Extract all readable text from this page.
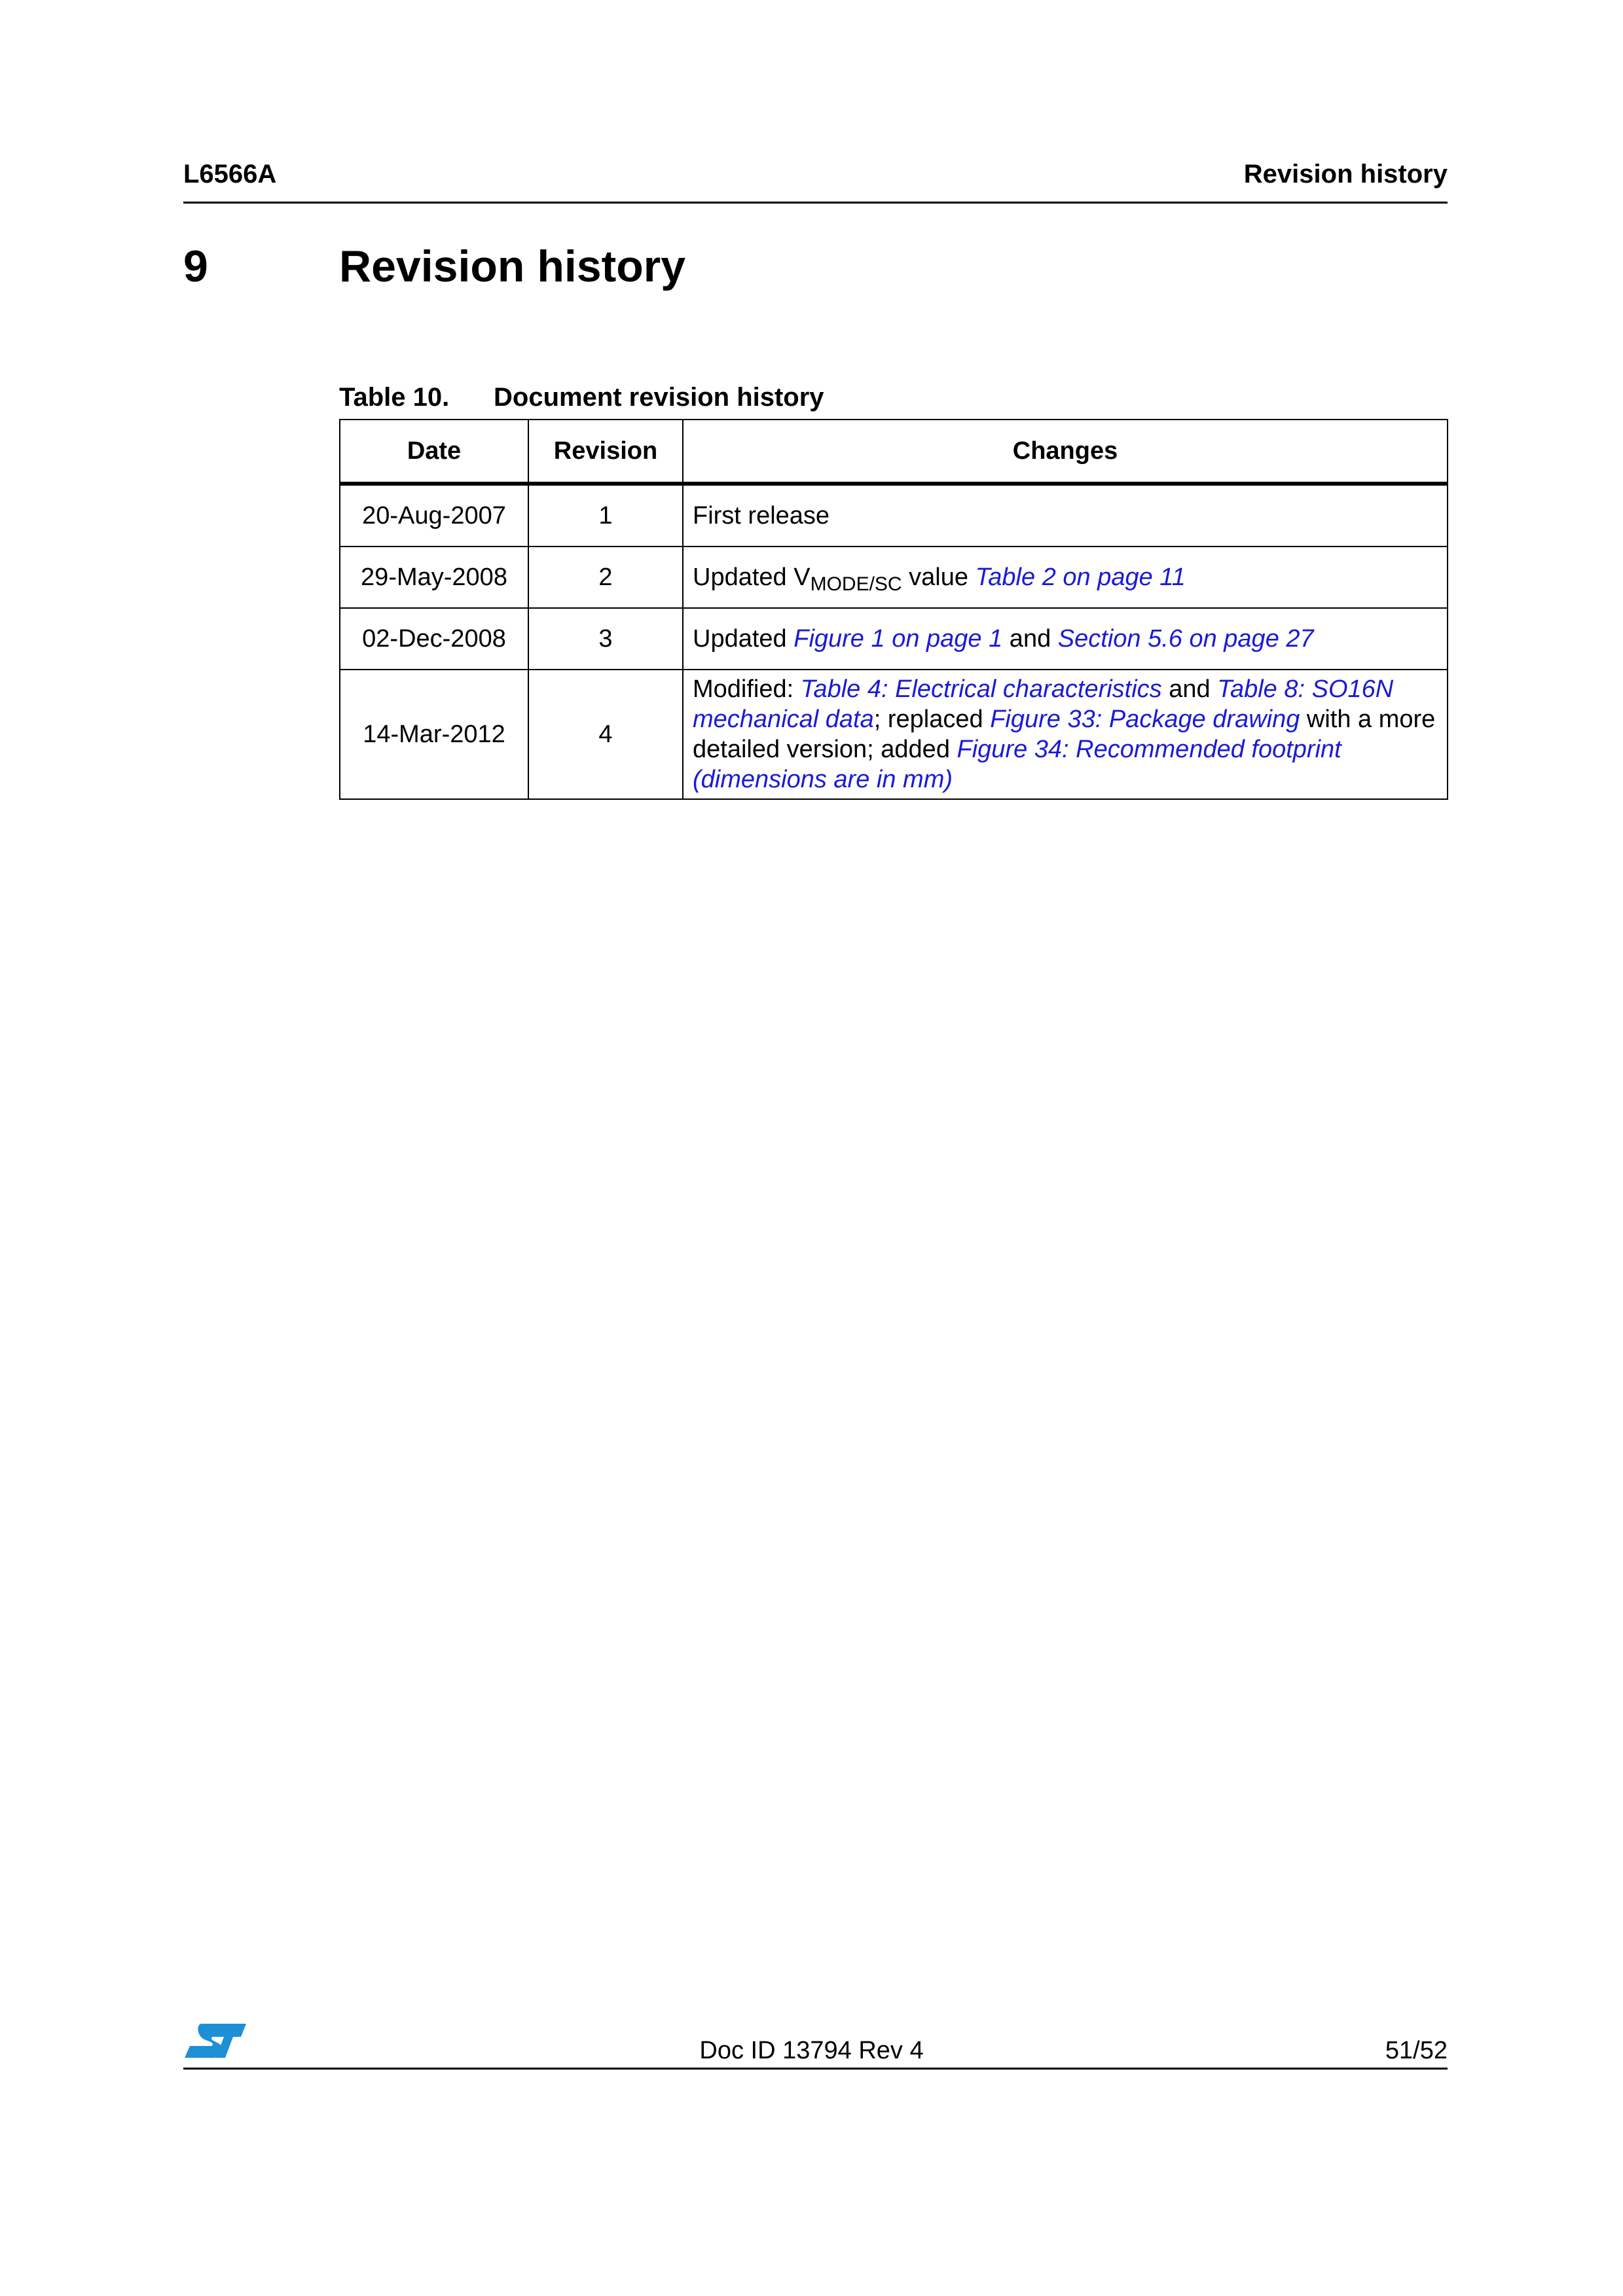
L6566A	Revision history
9	Revision history
Table 10. Document revision history
Date	Revision	Changes
20-Aug-2007	1	First release
29-May-2008	2	Updated $V_{MODE/SC}$ value Table 2 on page 11
02-Dec-2008	3	Updated Figure 1 on page 1 and Section 5.6 on page 27
14-Mar-2012	4	Modified: Table 4: Electrical characteristics and Table 8: SO16N mechanical data; replaced Figure 33: Package drawing with a more detailed version; added Figure 34: Recommended footprint (dimensions are in mm)
Doc ID 13794 Rev 4	51/52
